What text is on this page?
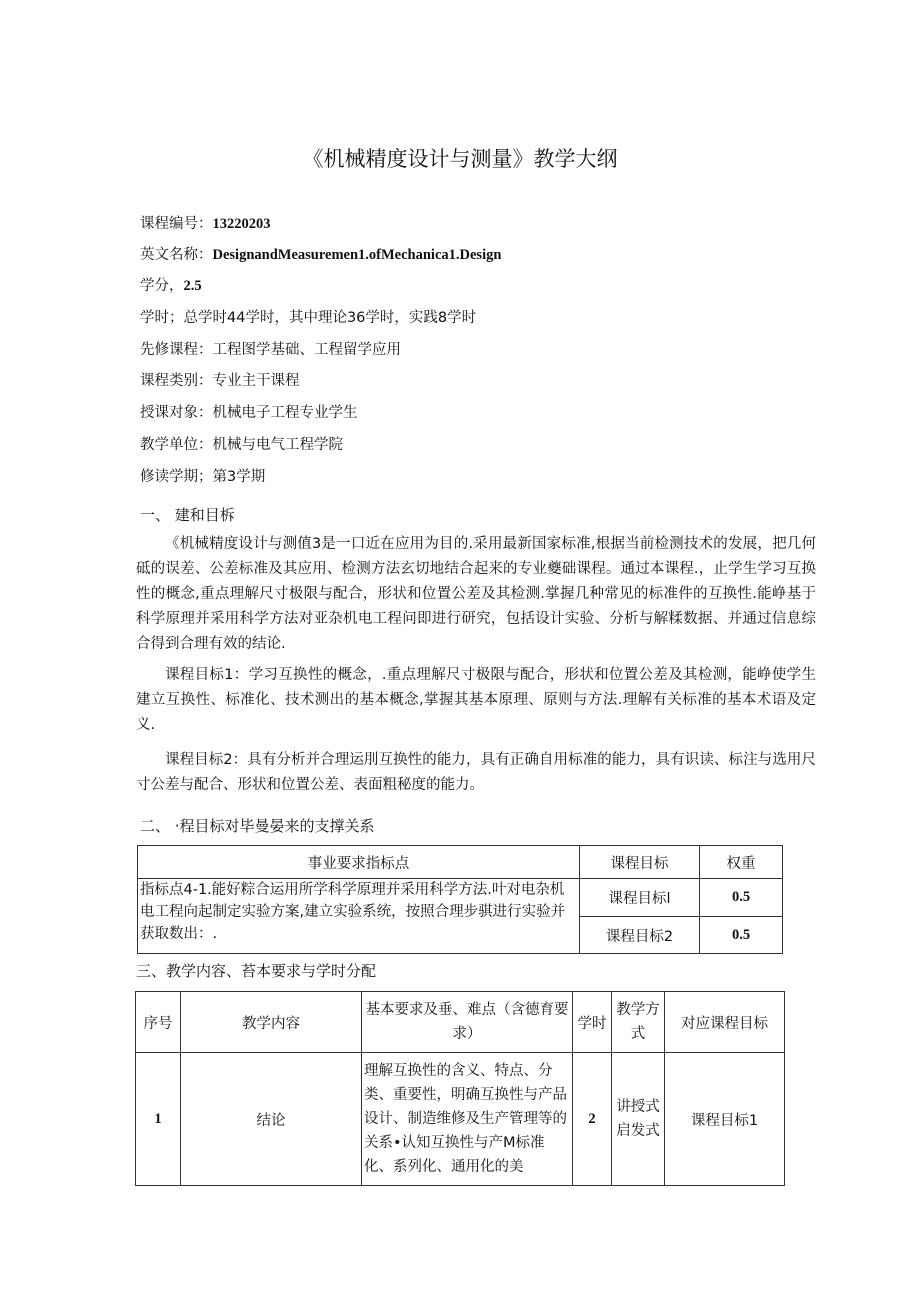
《机械精度设计与测量》教学大纲
课程编号：13220203
英文名称：DesignandMeasuremen1.ofMechanica1.Design
学分，2.5
学时；总学时44学时，其中理论36学时，实践8学时
先修课程：工程图学基础、工程留学应用
课程类别：专业主干课程
授课对象：机械电子工程专业学生
教学单位：机械与电气工程学院
修读学期；第3学期
一、 建和目柝
《机械精度设计与测值3是一口近在应用为目的.采用最新国家标准,根据当前检测技术的发展，把几何砥的误差、公差标准及其应用、检测方法玄切地结合起来的专业夔础课程。通过本课程.，止学生学习互换性的概念,重点理解尺寸极限与配合，形状和位置公差及其检测.掌握几种常见的标准件的互换性.能峥基于科学原理并采用科学方法对亚杂机电工程问即进行研究，包括设计实验、分析与解糅数据、并通过信息综合得到合理有效的结论.
课程目标1：学习互换性的概念，.重点理解尺寸极限与配合，形状和位置公差及其检测，能峥使学生建立互换性、标准化、技术测出的基本概念,掌握其基本原理、原则与方法.理解有关标准的基本术语及定义.
课程目标2：具有分析并合理运刖互换性的能力，具有正确自用标准的能力，具有识读、标注与选用尺寸公差与配合、形状和位置公差、表面粗秘度的能力。
二、 ·程目标对毕曼晏来的支撑关系
事业要求指标点	课程目标	权重
指标点4-1.能好粽合运用所学科学原理并采用科学方法.叶对电杂机电工程向起制定实验方案,建立实验系统，按照合理步骐进行实验并获取数出：.	课程目标l	0.5
	课程目标2	0.5
三、教学内容、苔本要求与学时分配
序号	教学内容	基本要求及垂、难点（含德育要求）	学时	教学方式	对应课程目标
1	结论	理解互换性的含义、特点、分类、重要性，明确互换性与产品设计、制造维修及生产管理等的关系•认知互换性与产M标准化、系列化、通用化的美	2	讲授式启发式	课程目标1
